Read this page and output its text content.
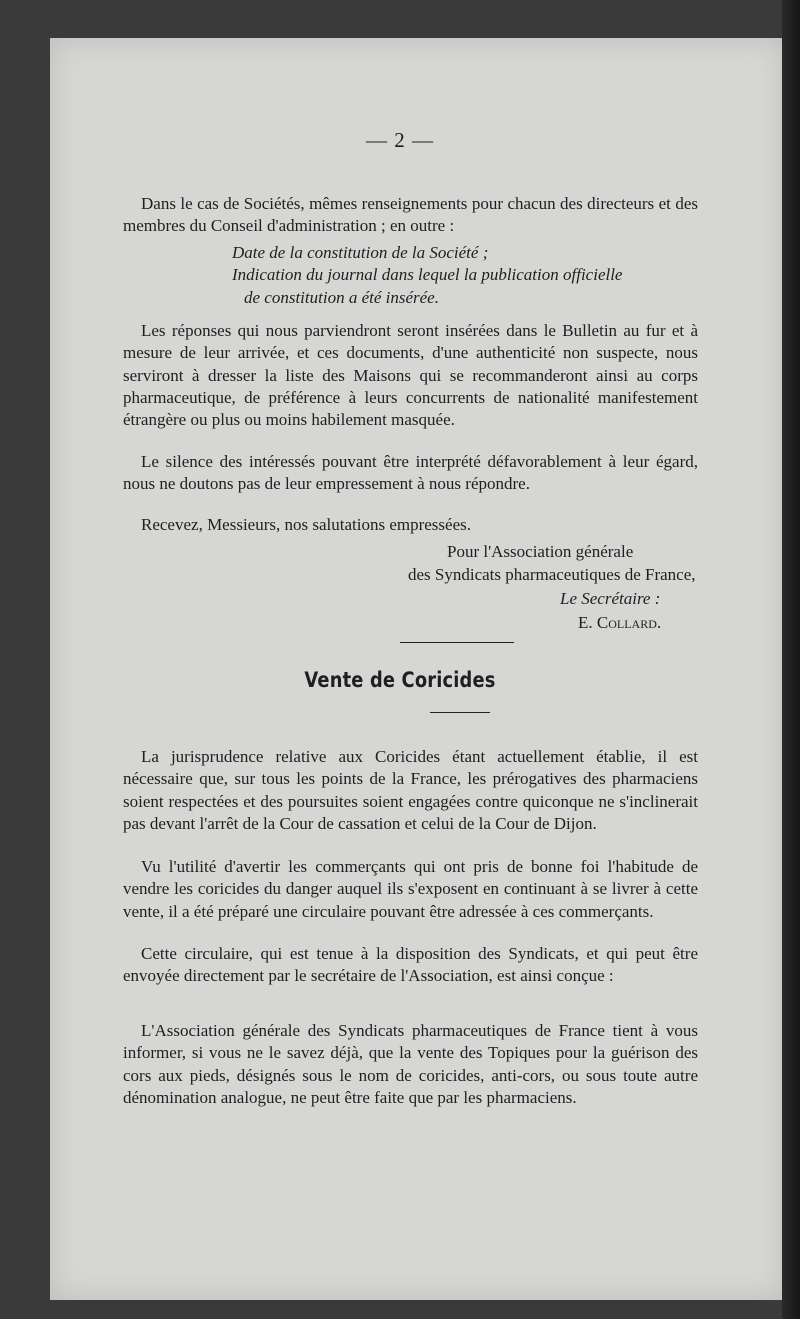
— 2 —

Dans le cas de Sociétés, mêmes renseignements pour chacun des directeurs et des membres du Conseil d'administration ; en outre :

Date de la constitution de la Société ;
Indication du journal dans lequel la publication officielle
de constitution a été insérée.

Les réponses qui nous parviendront seront insérées dans le Bulletin au fur et à mesure de leur arrivée, et ces documents, d'une authenticité non suspecte, nous serviront à dresser la liste des Maisons qui se recommanderont ainsi au corps pharmaceutique, de préférence à leurs concurrents de nationalité manifestement étrangère ou plus ou moins habilement masquée.

Le silence des intéressés pouvant être interprété défavorablement à leur égard, nous ne doutons pas de leur empressement à nous répondre.

Recevez, Messieurs, nos salutations empressées.

Pour l'Association générale
des Syndicats pharmaceutiques de France,
Le Secrétaire :
E. Collard.
Vente de Coricides

La jurisprudence relative aux Coricides étant actuellement établie, il est nécessaire que, sur tous les points de la France, les prérogatives des pharmaciens soient respectées et des poursuites soient engagées contre quiconque ne s'inclinerait pas devant l'arrêt de la Cour de cassation et celui de la Cour de Dijon.

Vu l'utilité d'avertir les commerçants qui ont pris de bonne foi l'habitude de vendre les coricides du danger auquel ils s'exposent en continuant à se livrer à cette vente, il a été préparé une circulaire pouvant être adressée à ces commerçants.

Cette circulaire, qui est tenue à la disposition des Syndicats, et qui peut être envoyée directement par le secrétaire de l'Association, est ainsi conçue :

L'Association générale des Syndicats pharmaceutiques de France tient à vous informer, si vous ne le savez déjà, que la vente des Topiques pour la guérison des cors aux pieds, désignés sous le nom de coricides, anti-cors, ou sous toute autre dénomination analogue, ne peut être faite que par les pharmaciens.
